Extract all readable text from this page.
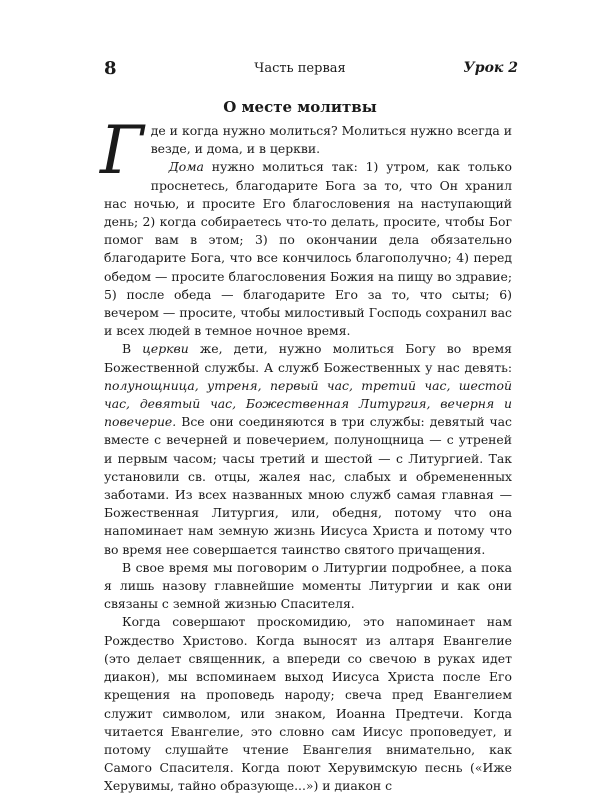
8	Часть первая	Урок 2
О месте молитвы

Где и когда нужно молиться? Молиться нужно всегда и везде, и дома, и в церкви.

Дома нужно молиться так: 1) утром, как только проснетесь, благодарите Бога за то, что Он хранил нас ночью, и просите Его благословения на наступающий день; 2) когда собираетесь что-то делать, просите, чтобы Бог помог вам в этом; 3) по окончании дела обязательно благодарите Бога, что все кончилось благополучно; 4) перед обедом — просите благословения Божия на пищу во здравие; 5) после обеда — благодарите Его за то, что сыты; 6) вечером — просите, чтобы милостивый Господь сохранил вас и всех людей в темное ночное время.

В церкви же, дети, нужно молиться Богу во время Божественной службы. А служб Божественных у нас девять: полунощница, утреня, первый час, третий час, шестой час, девятый час, Божественная Литургия, вечерня и повечерие. Все они соединяются в три службы: девятый час вместе с вечерней и повечерием, полунощница — с утреней и первым часом; часы третий и шестой — с Литургией. Так установили св. отцы, жалея нас, слабых и обремененных заботами. Из всех названных мною служб самая главная — Божественная Литургия, или, обедня, потому что она напоминает нам земную жизнь Иисуса Христа и потому что во время нее совершается таинство святого причащения.

В свое время мы поговорим о Литургии подробнее, а пока я лишь назову главнейшие моменты Литургии и как они связаны с земной жизнью Спасителя.

Когда совершают проскомидию, это напоминает нам Рождество Христово. Когда выносят из алтаря Евангелие (это делает священник, а впереди со свечою в руках идет диакон), мы вспоминаем выход Иисуса Христа после Его крещения на проповедь народу; свеча пред Евангелием служит символом, или знаком, Иоанна Предтечи. Когда читается Евангелие, это словно сам Иисус проповедует, и потому слушайте чтение Евангелия внимательно, как Самого Спасителя. Когда поют Херувимскую песнь («Иже Херувимы, тайно образующе...») и диакон с
